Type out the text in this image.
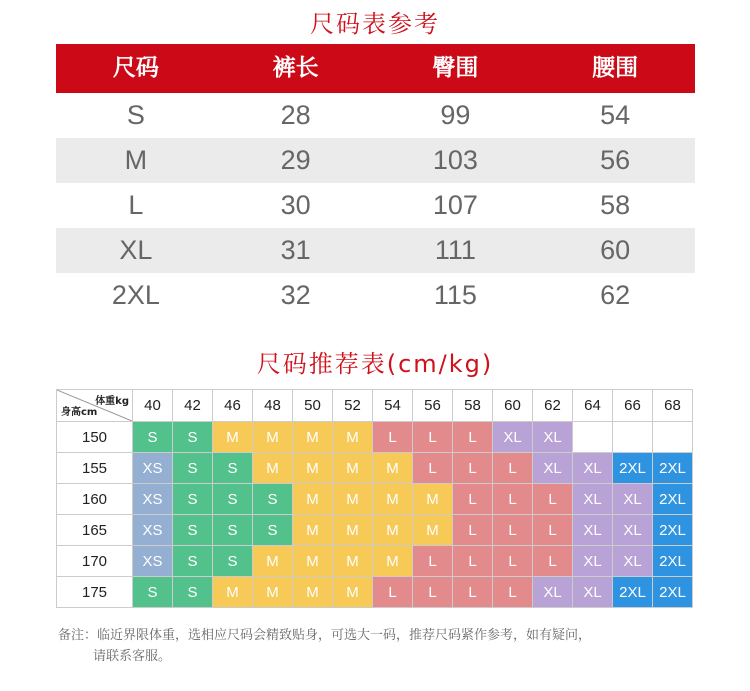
尺码表参考
尺码	裤长	臀围	腰围
S	28	99	54
M	29	103	56
L	30	107	58
XL	31	111	60
2XL	32	115	62
尺码推荐表(cm/kg)
体重kg
身高cm	40	42	46	48	50	52	54	56	58	60	62	64	66	68
150	S	S	M	M	M	M	L	L	L	XL	XL			
155	XS	S	S	M	M	M	M	L	L	L	XL	XL	2XL	2XL
160	XS	S	S	S	M	M	M	M	L	L	L	XL	XL	2XL
165	XS	S	S	S	M	M	M	M	L	L	L	XL	XL	2XL
170	XS	S	S	M	M	M	M	L	L	L	L	XL	XL	2XL
175	S	S	M	M	M	M	L	L	L	L	XL	XL	2XL	2XL
备注：临近界限体重，选相应尺码会精致贴身，可选大一码，推荐尺码紧作参考，如有疑问，
请联系客服。
